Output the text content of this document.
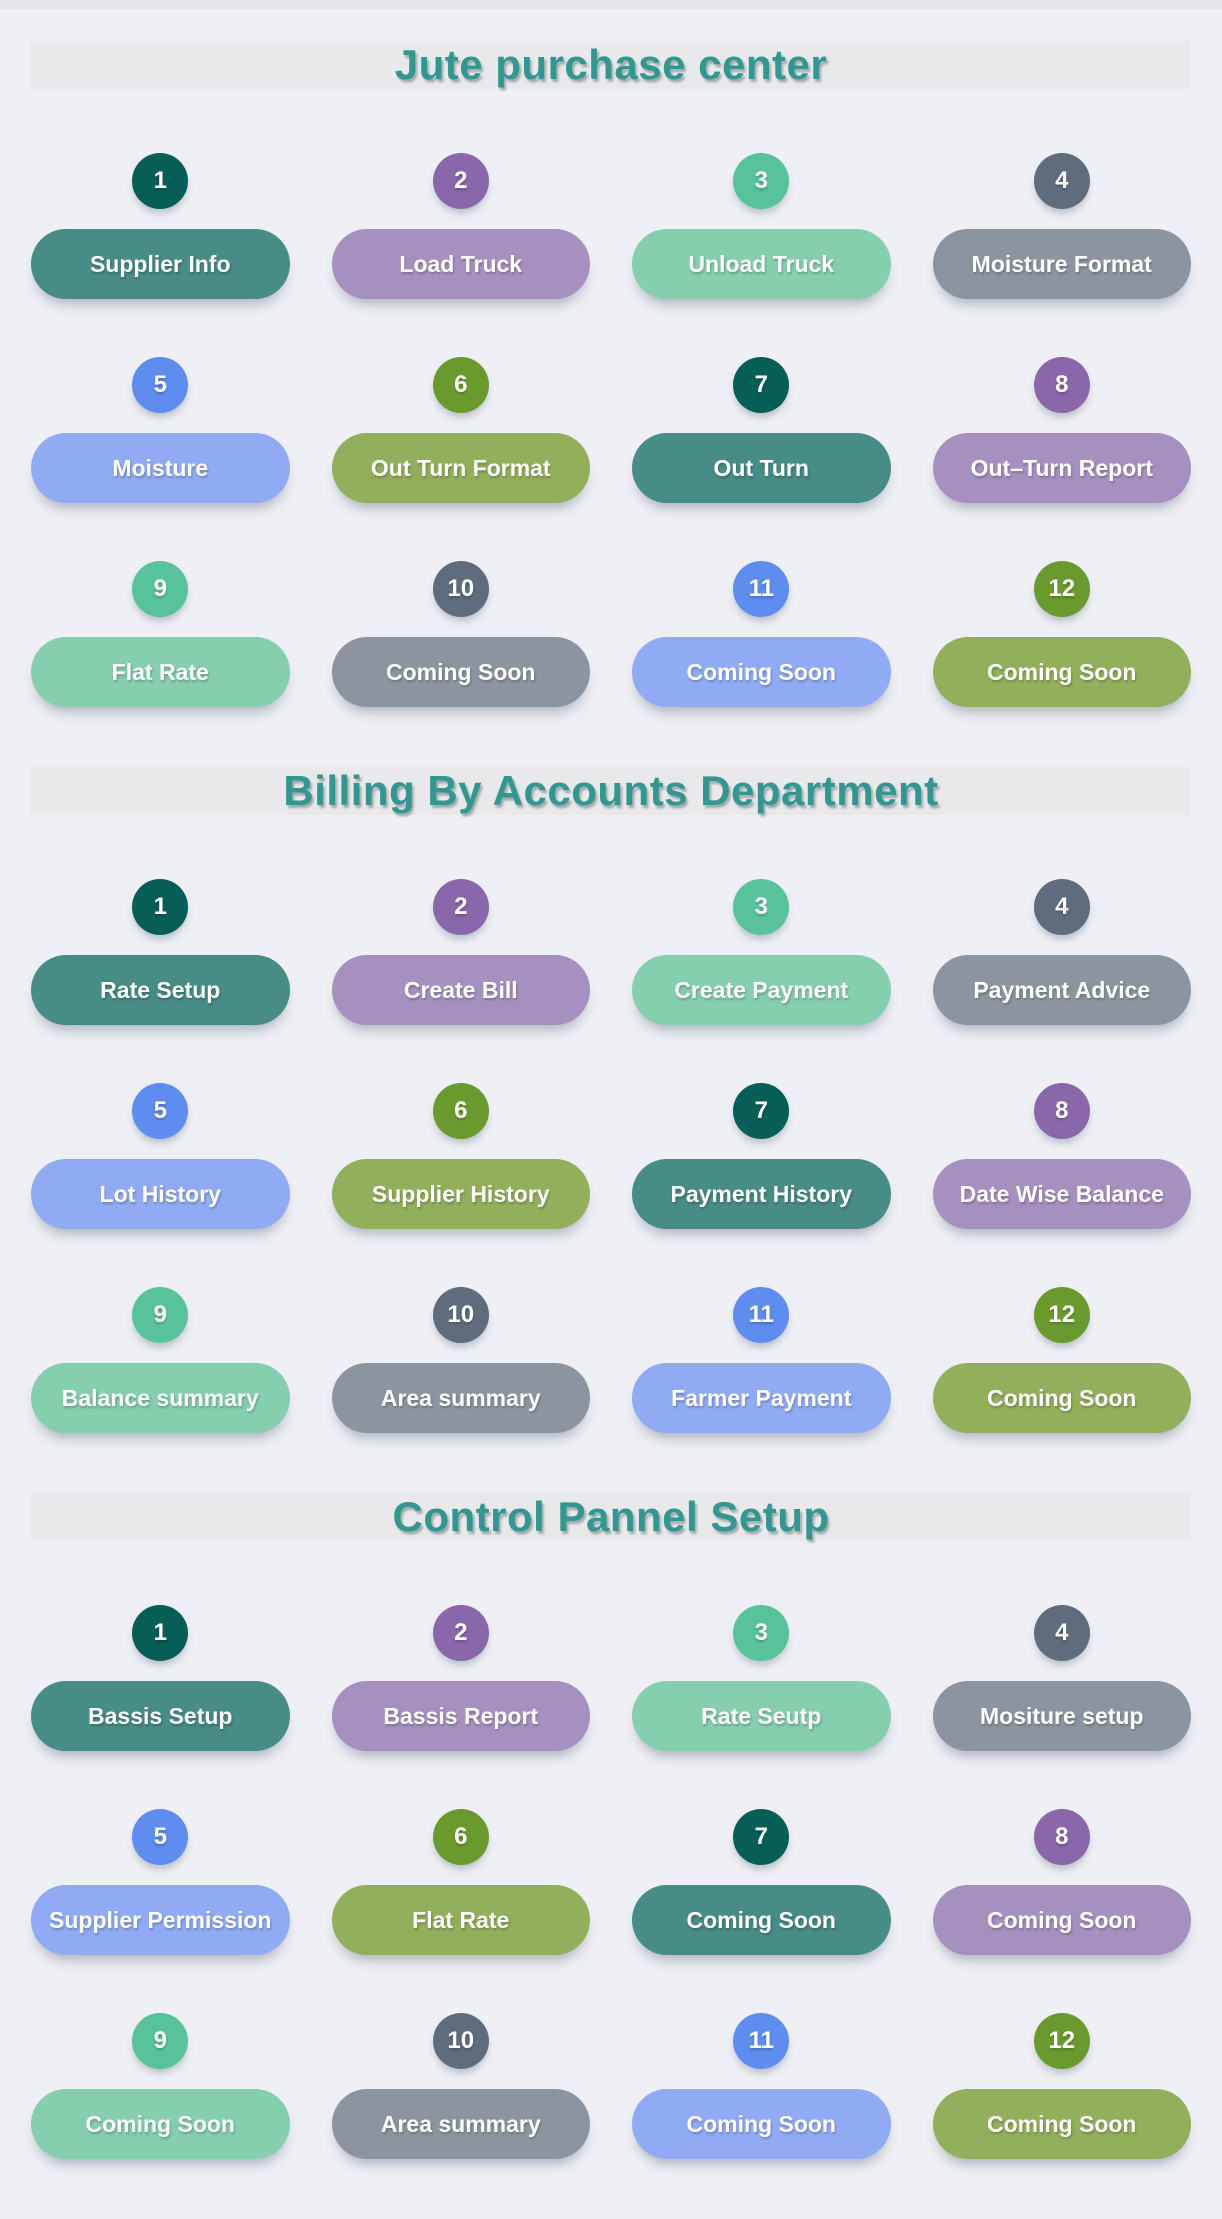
Jute purchase center
1
Supplier Info
2
Load Truck
3
Unload Truck
4
Moisture Format
5
Moisture
6
Out Turn Format
7
Out Turn
8
Out–Turn Report
9
Flat Rate
10
Coming Soon
11
Coming Soon
12
Coming Soon
Billing By Accounts Department
1
Rate Setup
2
Create Bill
3
Create Payment
4
Payment Advice
5
Lot History
6
Supplier History
7
Payment History
8
Date Wise Balance
9
Balance summary
10
Area summary
11
Farmer Payment
12
Coming Soon
Control Pannel Setup
1
Bassis Setup
2
Bassis Report
3
Rate Seutp
4
Mositure setup
5
Supplier Permission
6
Flat Rate
7
Coming Soon
8
Coming Soon
9
Coming Soon
10
Area summary
11
Coming Soon
12
Coming Soon
